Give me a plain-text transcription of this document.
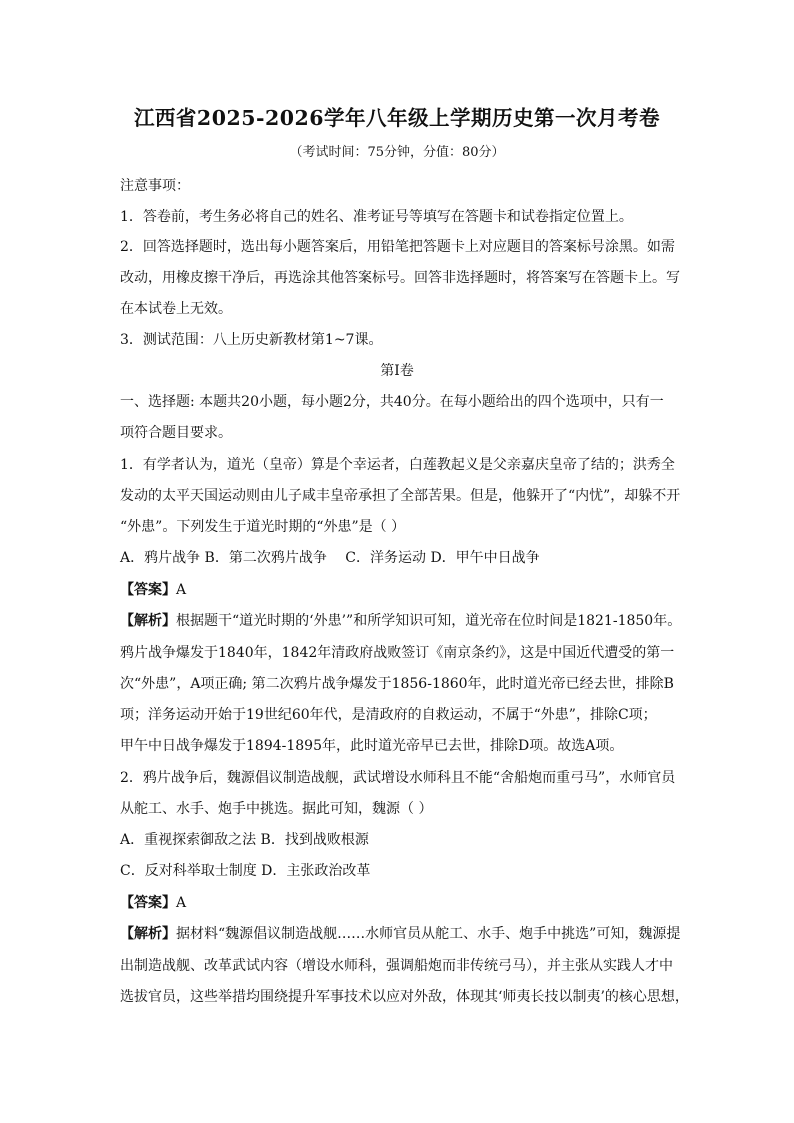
江西省2025-2026学年八年级上学期历史第一次月考卷
（考试时间：75分钟，分值：80分）
注意事项：
1．答卷前，考生务必将自己的姓名、准考证号等填写在答题卡和试卷指定位置上。
2．回答选择题时，选出每小题答案后，用铅笔把答题卡上对应题目的答案标号涂黑。如需
改动，用橡皮擦干净后，再选涂其他答案标号。回答非选择题时，将答案写在答题卡上。写
在本试卷上无效。
3．测试范围：八上历史新教材第1~7课。
第Ⅰ卷
一、选择题: 本题共20小题，每小题2分，共40分。在每小题给出的四个选项中，只有一
项符合题目要求。
1．有学者认为，道光（皇帝）算是个幸运者，白莲教起义是父亲嘉庆皇帝了结的；洪秀全
发动的太平天国运动则由儿子咸丰皇帝承担了全部苦果。但是，他躲开了“内忧”，却躲不开
“外患”。下列发生于道光时期的“外患”是（ ）
A．鸦片战争 B．第二次鸦片战争　 C．洋务运动 D．甲午中日战争
【答案】A
【解析】根据题干“道光时期的‘外患’”和所学知识可知，道光帝在位时间是1821-1850年。
鸦片战争爆发于1840年，1842年清政府战败签订《南京条约》，这是中国近代遭受的第一
次“外患”，A项正确; 第二次鸦片战争爆发于1856-1860年，此时道光帝已经去世，排除B
项；洋务运动开始于19世纪60年代，是清政府的自救运动，不属于“外患”，排除C项；
甲午中日战争爆发于1894-1895年，此时道光帝早已去世，排除D项。故选A项。
2．鸦片战争后，魏源倡议制造战舰，武试增设水师科且不能“舍船炮而重弓马”，水师官员
从舵工、水手、炮手中挑选。据此可知，魏源（ ）
A．重视探索御敌之法 B．找到战败根源
C．反对科举取士制度 D．主张政治改革
【答案】A
【解析】据材料“魏源倡议制造战舰……水师官员从舵工、水手、炮手中挑选”可知，魏源提
出制造战舰、改革武试内容（增设水师科，强调船炮而非传统弓马），并主张从实践人才中
选拔官员，这些举措均围绕提升军事技术以应对外敌，体现其‘师夷长技以制夷’的核心思想，
